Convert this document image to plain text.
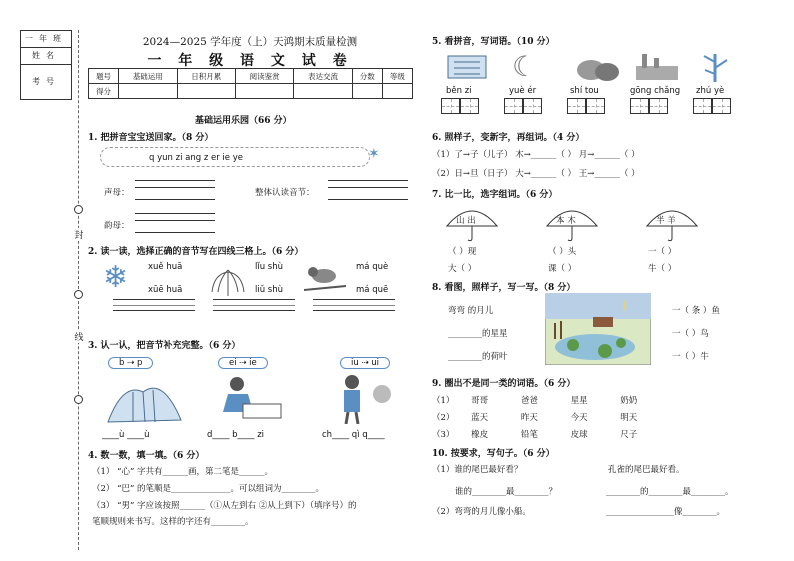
一年班
姓名
考号
封
线
2024—2025 学年度（上）天鸿期末质量检测
一 年 级 语 文 试 卷
题号	基础运用	日积月累	阅读鉴赏	表达交流	分数	等级
得分						
基础运用乐园（66 分）
1. 把拼音宝宝送回家。（8 分）
q yun zi ang z er ie ye	✶
声母：	整体认读音节：
韵母：
2. 读一读，选择正确的音节写在四线三格上。（6 分）
❄ xuě huā
xūē huā
lǐu shù
liǔ shù
má què
má quē
3. 认一认，把音节补充完整。（6 分）
b ⇢ p	ei ⇢ ie	iu ⇢ ui
____ù ____ù	d____ b____ zi	ch____ qì q____
4. 数一数，填一填。（6 分）
（1） “心” 字共有______画，第二笔是______。
（2） “巴” 的笔顺是______________。可以组词为________。
（3） “男” 字应该按照______（①从左到右 ②从上到下）（填序号）的
笔顺规则来书写。这样的字还有________。
5. 看拼音，写词语。（10 分）
☾
běn zi	yuè ér	shí tou	gōng chǎng zhú yè
6. 照样子，变新字，再组词。（4 分）
（1）了→子（儿子） 木→______（ ） 月→______（ ）
（2）日→旦（日子） 大→______（ ） 王→______（ ）
7. 比一比，选字组词。（6 分）
山 出	本 木	半 羊
（ ）现	（ ）头	一（ ）
大（ ）	课（ ）	牛（ ）
8. 看图，照样子，写一写。（8 分）
弯弯 的月儿
________的星星
________的荷叶
一（ 条 ）鱼
一（ ）鸟
一（ ）牛
9. 圈出不是同一类的词语。（6 分）
（1） 哥哥	爸爸	星星	奶奶
（2） 蓝天	昨天	今天	明天
（3） 橡皮	铅笔	皮球	尺子
10. 按要求，写句子。（6 分）
（1）谁的尾巴最好看？	孔雀的尾巴最好看。
谁的________最________？	________的________最________。
（2）弯弯的月儿像小船。	________________像________。
